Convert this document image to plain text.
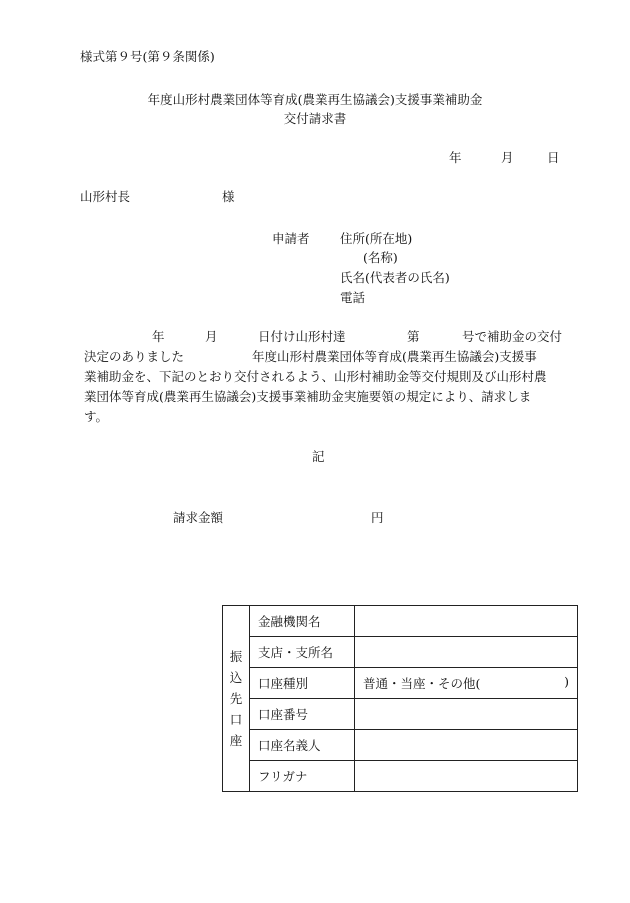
様式第９号(第９条関係)
年度山形村農業団体等育成(農業再生協議会)支援事業補助金
交付請求書
年	月	日
山形村長	様
申請者 住所(所在地)
(名称)
氏名(代表者の氏名)
電話
年	月	日付け山形村達	第	号で補助金の交付
決定のありました	年度山形村農業団体等育成(農業再生協議会)支援事
業補助金を、下記のとおり交付されるよう、山形村補助金等交付規則及び山形村農
業団体等育成(農業再生協議会)支援事業補助金実施要領の規定により、請求しま
す。
記
請求金額	円
振
込
先
口
座	金融機関名	
	支店・支所名	
	口座種別	普通・当座・その他( )

	口座番号	
	口座名義人	
	フリガナ	
